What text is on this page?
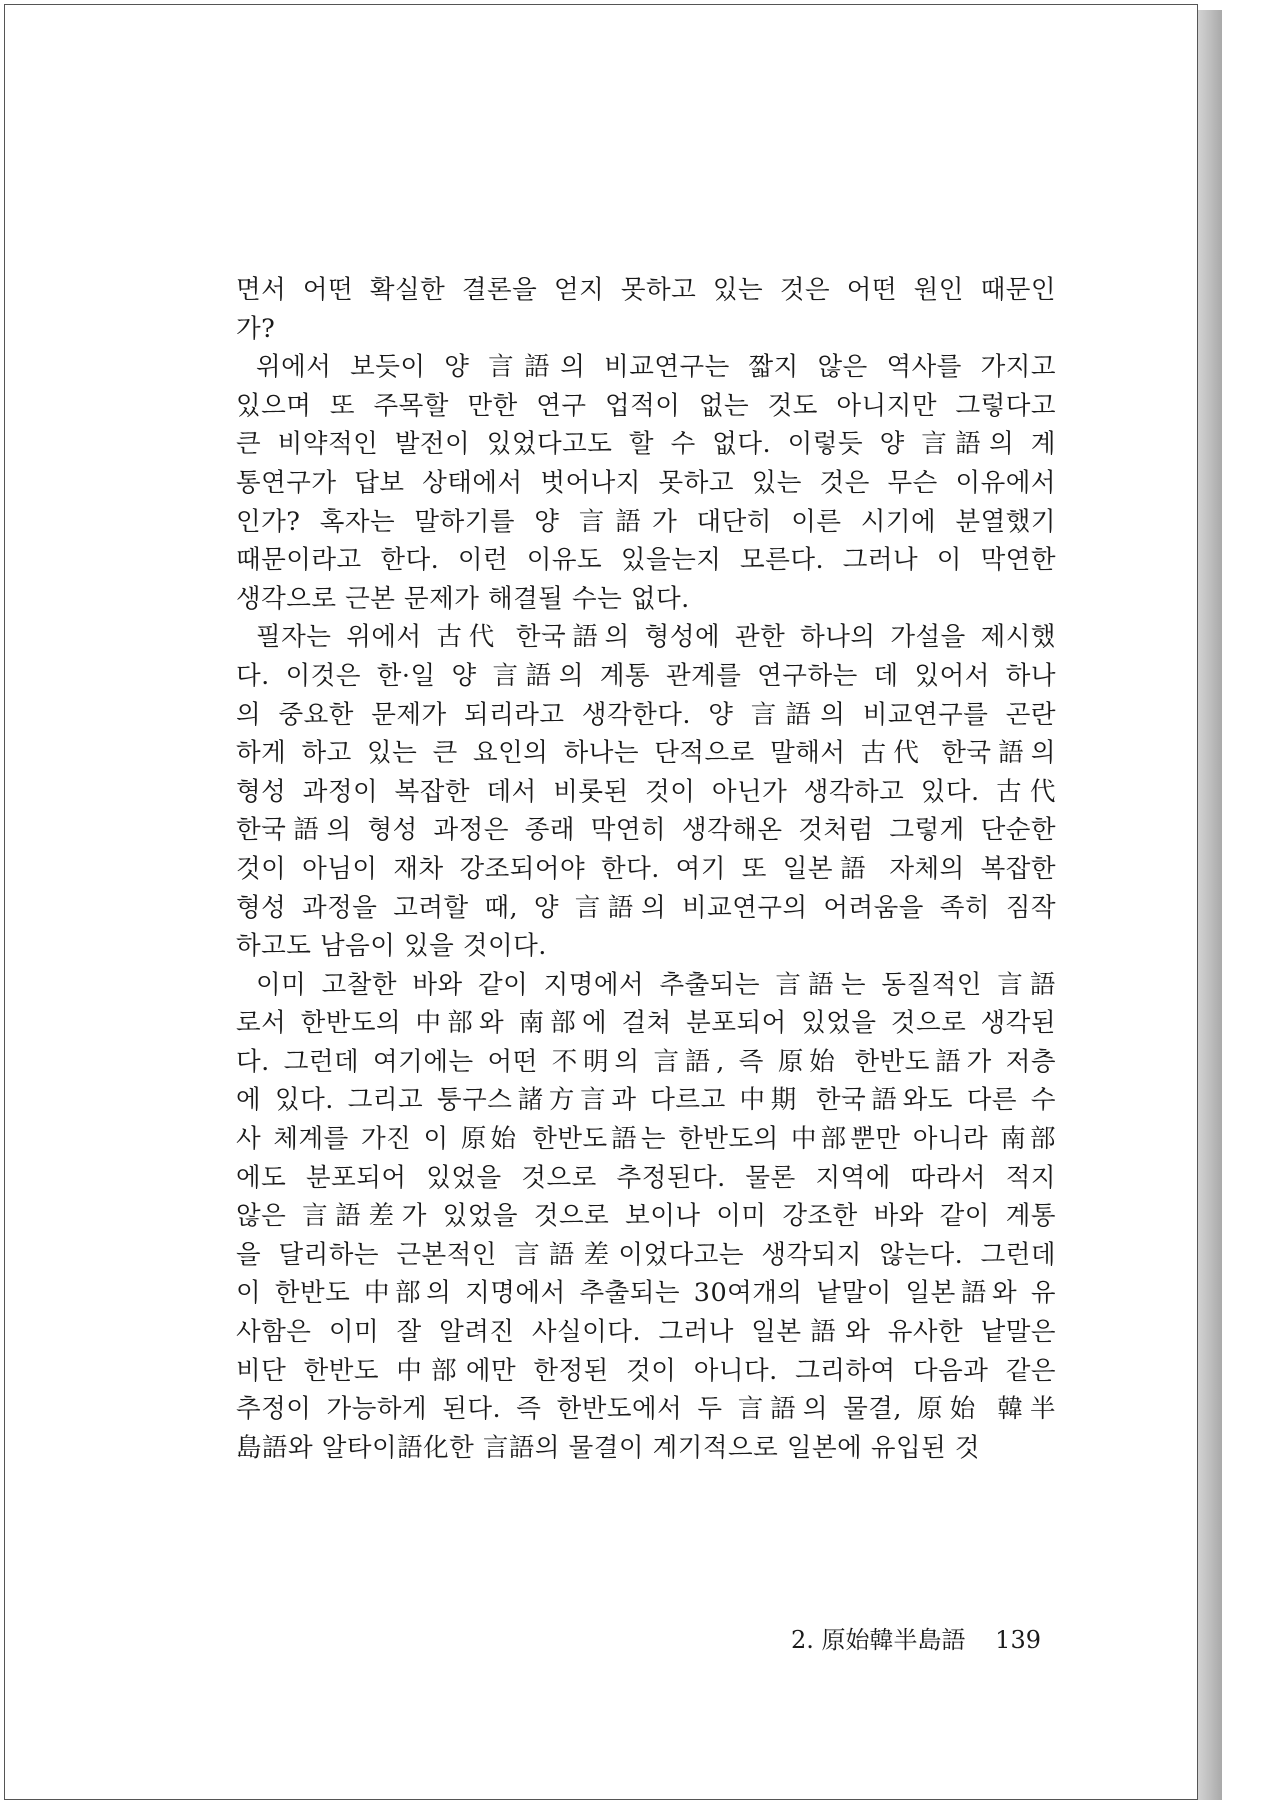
면서 어떤 확실한 결론을 얻지 못하고 있는 것은 어떤 원인 때문인
가?
위에서 보듯이 양 言語의 비교연구는 짧지 않은 역사를 가지고
있으며 또 주목할 만한 연구 업적이 없는 것도 아니지만 그렇다고
큰 비약적인 발전이 있었다고도 할 수 없다. 이렇듯 양 言語의 계
통연구가 답보 상태에서 벗어나지 못하고 있는 것은 무슨 이유에서
인가? 혹자는 말하기를 양 言語가 대단히 이른 시기에 분열했기
때문이라고 한다. 이런 이유도 있을는지 모른다. 그러나 이 막연한
생각으로 근본 문제가 해결될 수는 없다.
필자는 위에서 古代 한국語의 형성에 관한 하나의 가설을 제시했
다. 이것은 한·일 양 言語의 계통 관계를 연구하는 데 있어서 하나
의 중요한 문제가 되리라고 생각한다. 양 言語의 비교연구를 곤란
하게 하고 있는 큰 요인의 하나는 단적으로 말해서 古代 한국語의
형성 과정이 복잡한 데서 비롯된 것이 아닌가 생각하고 있다. 古代
한국語의 형성 과정은 종래 막연히 생각해온 것처럼 그렇게 단순한
것이 아님이 재차 강조되어야 한다. 여기 또 일본語 자체의 복잡한
형성 과정을 고려할 때, 양 言語의 비교연구의 어려움을 족히 짐작
하고도 남음이 있을 것이다.
이미 고찰한 바와 같이 지명에서 추출되는 言語는 동질적인 言語
로서 한반도의 中部와 南部에 걸쳐 분포되어 있었을 것으로 생각된
다. 그런데 여기에는 어떤 不明의 言語, 즉 原始 한반도語가 저층
에 있다. 그리고 퉁구스諸方言과 다르고 中期 한국語와도 다른 수
사 체계를 가진 이 原始 한반도語는 한반도의 中部뿐만 아니라 南部
에도 분포되어 있었을 것으로 추정된다. 물론 지역에 따라서 적지
않은 言語差가 있었을 것으로 보이나 이미 강조한 바와 같이 계통
을 달리하는 근본적인 言語差이었다고는 생각되지 않는다. 그런데
이 한반도 中部의 지명에서 추출되는 30여개의 낱말이 일본語와 유
사함은 이미 잘 알려진 사실이다. 그러나 일본語와 유사한 낱말은
비단 한반도 中部에만 한정된 것이 아니다. 그리하여 다음과 같은
추정이 가능하게 된다. 즉 한반도에서 두 言語의 물결, 原始 韓半
島語와 알타이語化한 言語의 물결이 계기적으로 일본에 유입된 것
2. 原始韓半島語 139
